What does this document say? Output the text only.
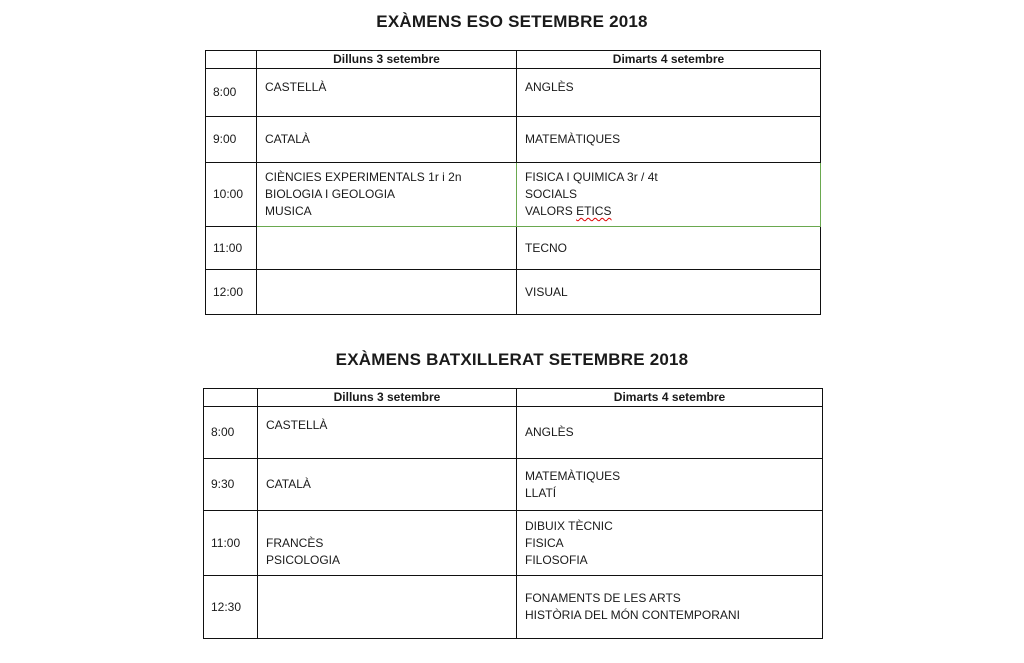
EXÀMENS ESO SETEMBRE 2018
	Dilluns 3 setembre	Dimarts 4 setembre
8:00	CASTELLÀ	ANGLÈS

9:00	CATALÀ	MATEMÀTIQUES

10:00	CIÈNCIES EXPERIMENTALS 1r i 2n
BIOLOGIA I GEOLOGIA
MUSICA	FISICA I QUIMICA 3r / 4t
SOCIALS
VALORS ETICS

11:00		TECNO

12:00		VISUAL
EXÀMENS BATXILLERAT SETEMBRE 2018
	Dilluns 3 setembre	Dimarts 4 setembre
8:00	CASTELLÀ	ANGLÈS

9:30	CATALÀ	MATEMÀTIQUES
LLATÍ

11:00	FRANCÈS
PSICOLOGIA	DIBUIX TÈCNIC
FISICA
FILOSOFIA

12:30		FONAMENTS DE LES ARTS
HISTÒRIA DEL MÓN CONTEMPORANI
